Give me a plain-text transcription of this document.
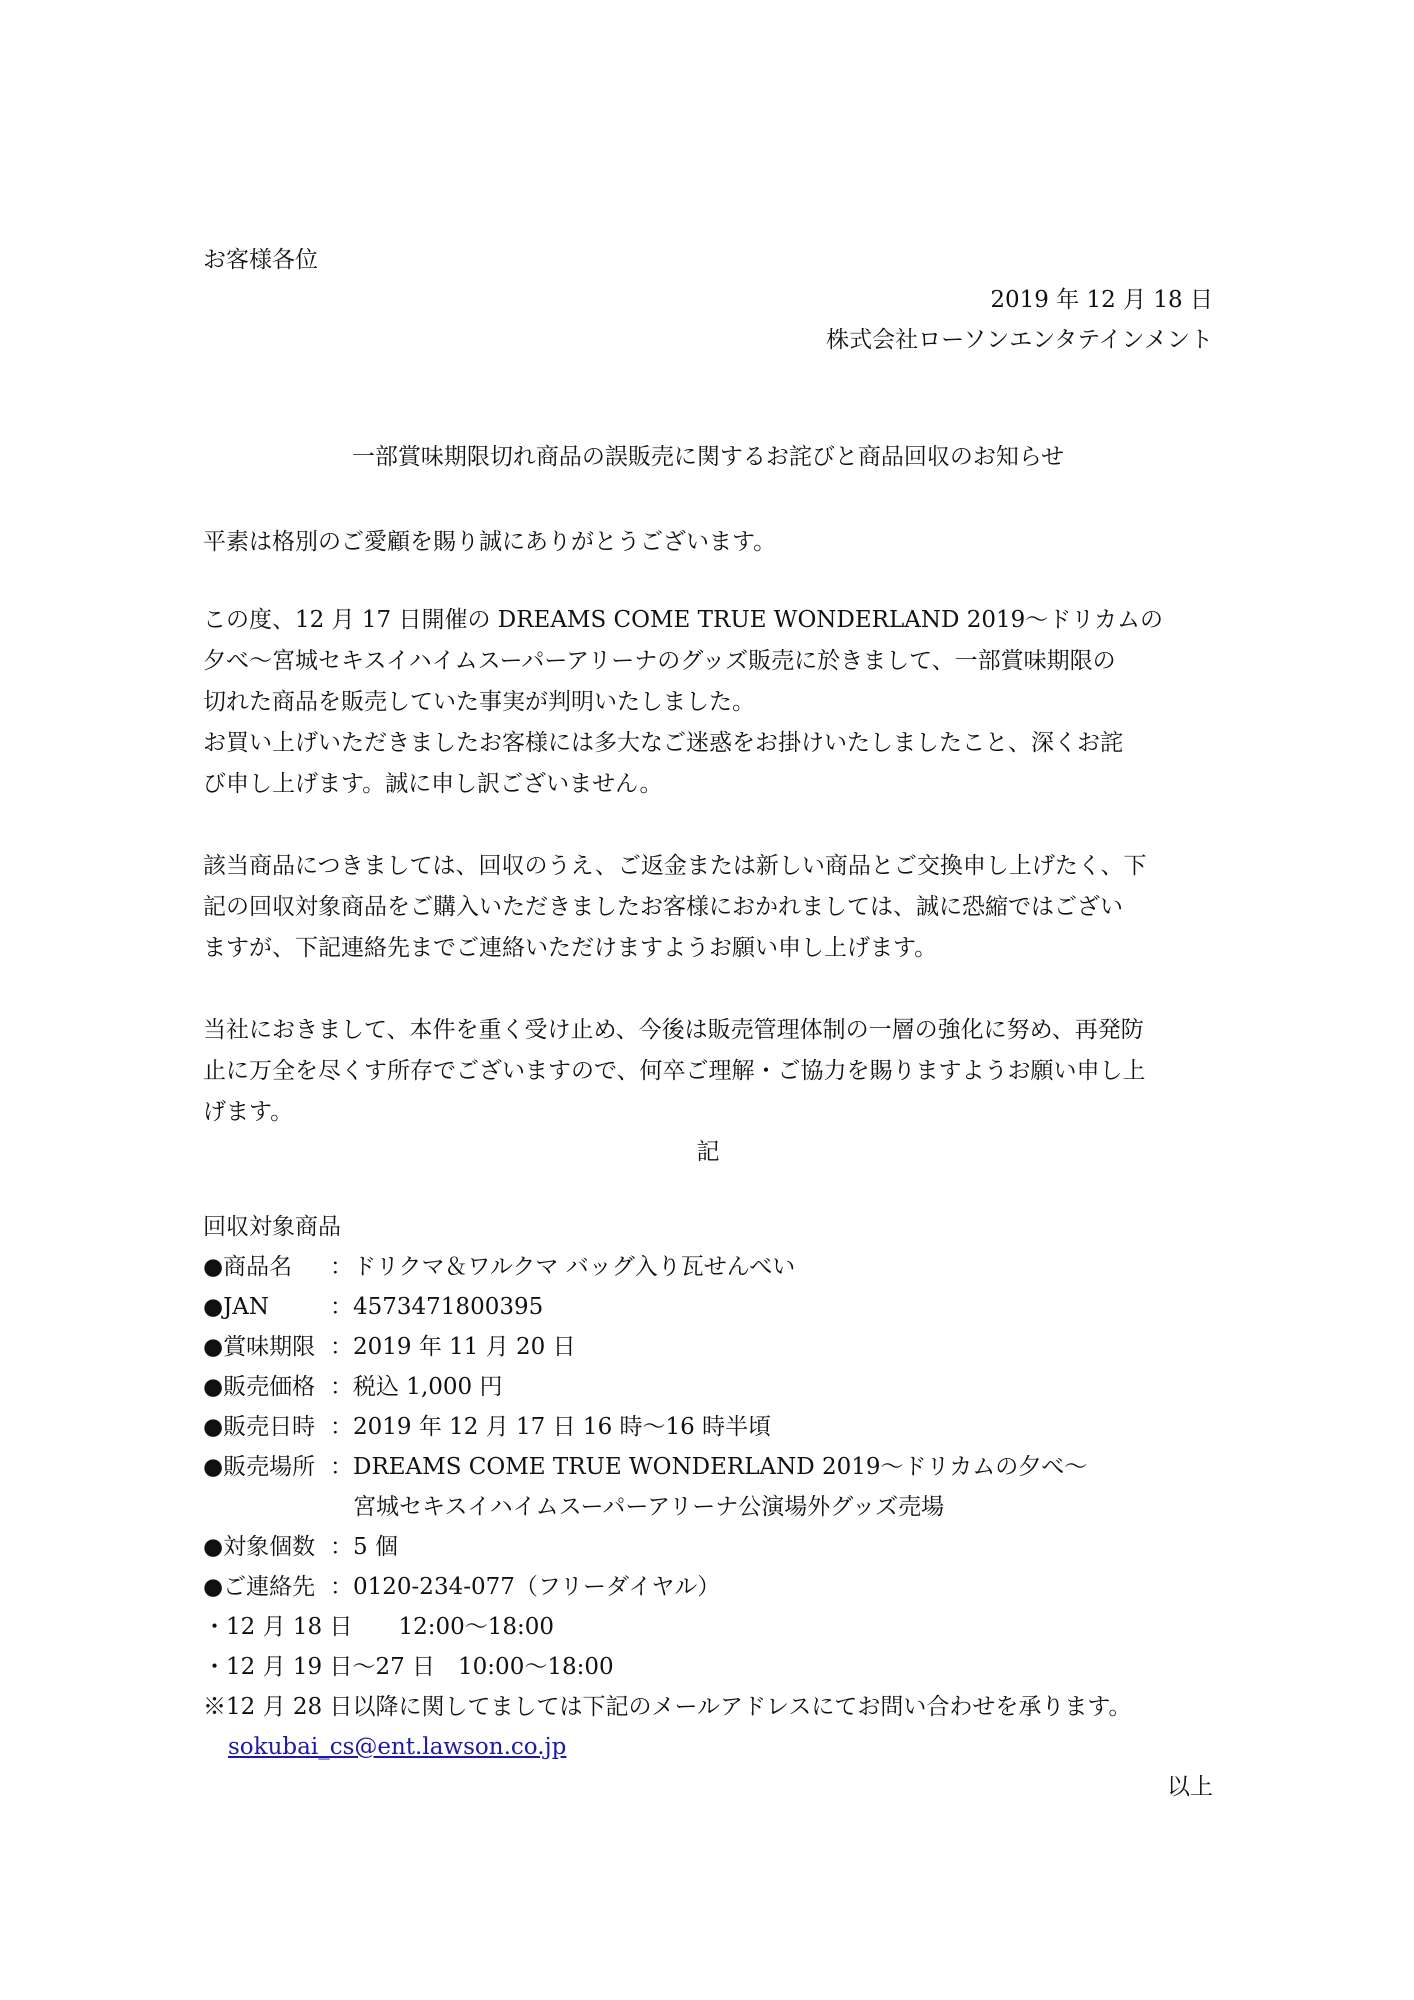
お客様各位
2019 年 12 月 18 日
株式会社ローソンエンタテインメント
一部賞味期限切れ商品の誤販売に関するお詫びと商品回収のお知らせ
平素は格別のご愛顧を賜り誠にありがとうございます。
この度、12 月 17 日開催の DREAMS COME TRUE WONDERLAND 2019～ドリカムの
夕べ～宮城セキスイハイムスーパーアリーナのグッズ販売に於きまして、一部賞味期限の
切れた商品を販売していた事実が判明いたしました。
お買い上げいただきましたお客様には多大なご迷惑をお掛けいたしましたこと、深くお詫
び申し上げます。誠に申し訳ございません。
該当商品につきましては、回収のうえ、ご返金または新しい商品とご交換申し上げたく、下
記の回収対象商品をご購入いただきましたお客様におかれましては、誠に恐縮ではござい
ますが、下記連絡先までご連絡いただけますようお願い申し上げます。
当社におきまして、本件を重く受け止め、今後は販売管理体制の一層の強化に努め、再発防
止に万全を尽くす所存でございますので、何卒ご理解・ご協力を賜りますようお願い申し上
げます。
記
回収対象商品
●商品名 ：ドリクマ＆ワルクマ バッグ入り瓦せんべい
●JAN	：4573471800395
●賞味期限 ：2019 年 11 月 20 日
●販売価格 ：税込 1,000 円
●販売日時 ：2019 年 12 月 17 日 16 時～16 時半頃
●販売場所 ：DREAMS COME TRUE WONDERLAND 2019～ドリカムの夕べ～
宮城セキスイハイムスーパーアリーナ公演場外グッズ売場
●対象個数 ：5 個
●ご連絡先 ：0120-234-077（フリーダイヤル）
・12 月 18 日　　12:00～18:00
・12 月 19 日～27 日　10:00～18:00
※12 月 28 日以降に関してましては下記のメールアドレスにてお問い合わせを承ります。
sokubai_cs@ent.lawson.co.jp
以上
